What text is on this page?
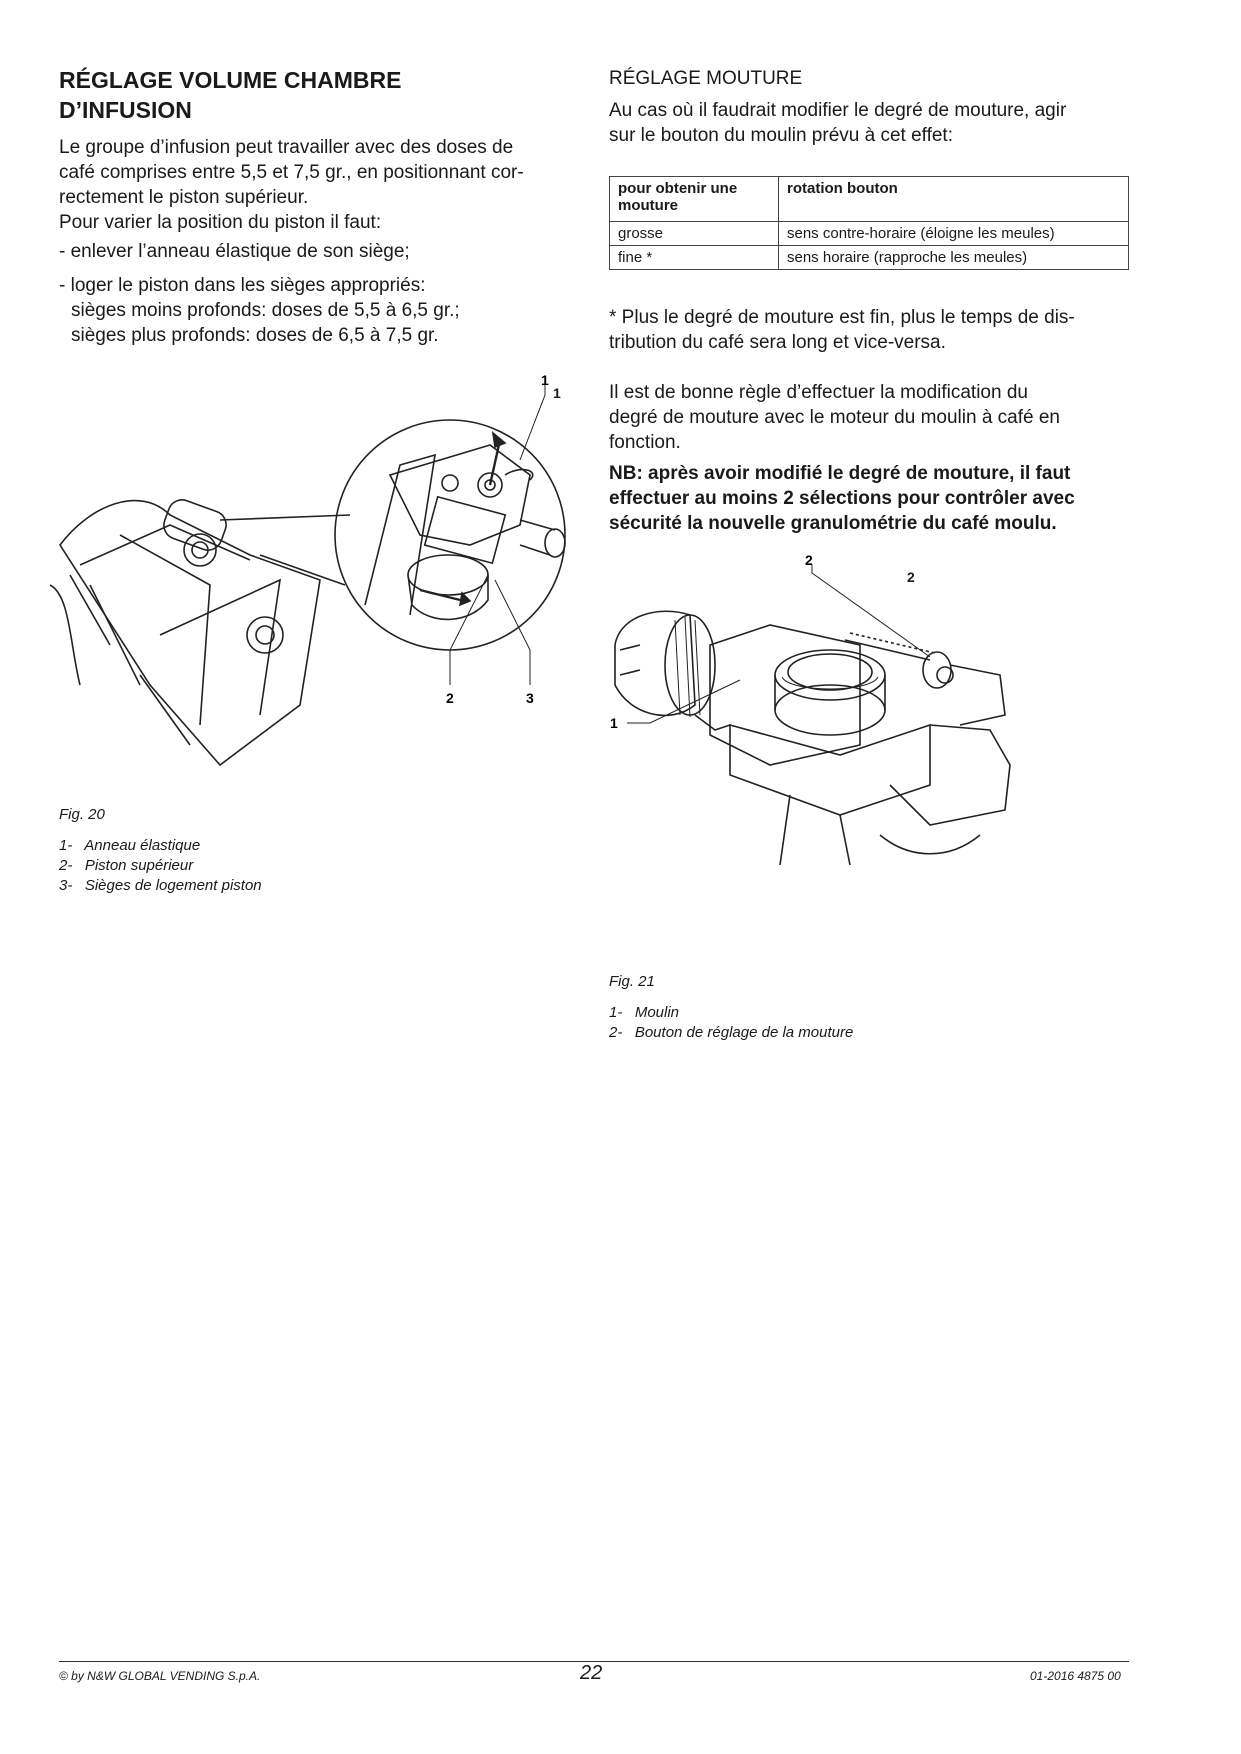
RÉGLAGE VOLUME CHAMBRE
D’INFUSION

Le groupe d’infusion peut travailler avec des doses de

café comprises entre 5,5 et 7,5 gr., en positionnant cor-

rectement le piston supérieur.

Pour varier la position du piston il faut:

- enlever l’anneau élastique de son siège;

- loger le piston dans les sièges appropriés:

sièges moins profonds: doses de 5,5 à 6,5 gr.;

sièges plus profonds: doses de 6,5 à 7,5 gr.

1
2	3
1
Fig. 20
1-   Anneau élastique
2-   Piston supérieur
3-   Sièges de logement piston
RÉGLAGE MOUTURE

Au cas où il faudrait modifier le degré de mouture, agir

sur le bouton du moulin prévu à cet effet:

pour obtenir une mouture	rotation bouton
grosse	sens contre-horaire (éloigne les meules)
fine *	sens horaire (rapproche les meules)

* Plus le degré de mouture est fin, plus le temps de dis-

tribution du café sera long et vice-versa.

Il est de bonne règle d’effectuer la modification du

degré de mouture avec le moteur du moulin à café en

fonction.

NB: après avoir modifié le degré de mouture, il faut

effectuer au moins 2 sélections pour contrôler avec

sécurité la nouvelle granulométrie du café moulu.

2
1
2
Fig. 21
1-   Moulin
2-   Bouton de réglage de la mouture
© by N&W GLOBAL VENDING S.p.A.	22	01-2016 4875 00
